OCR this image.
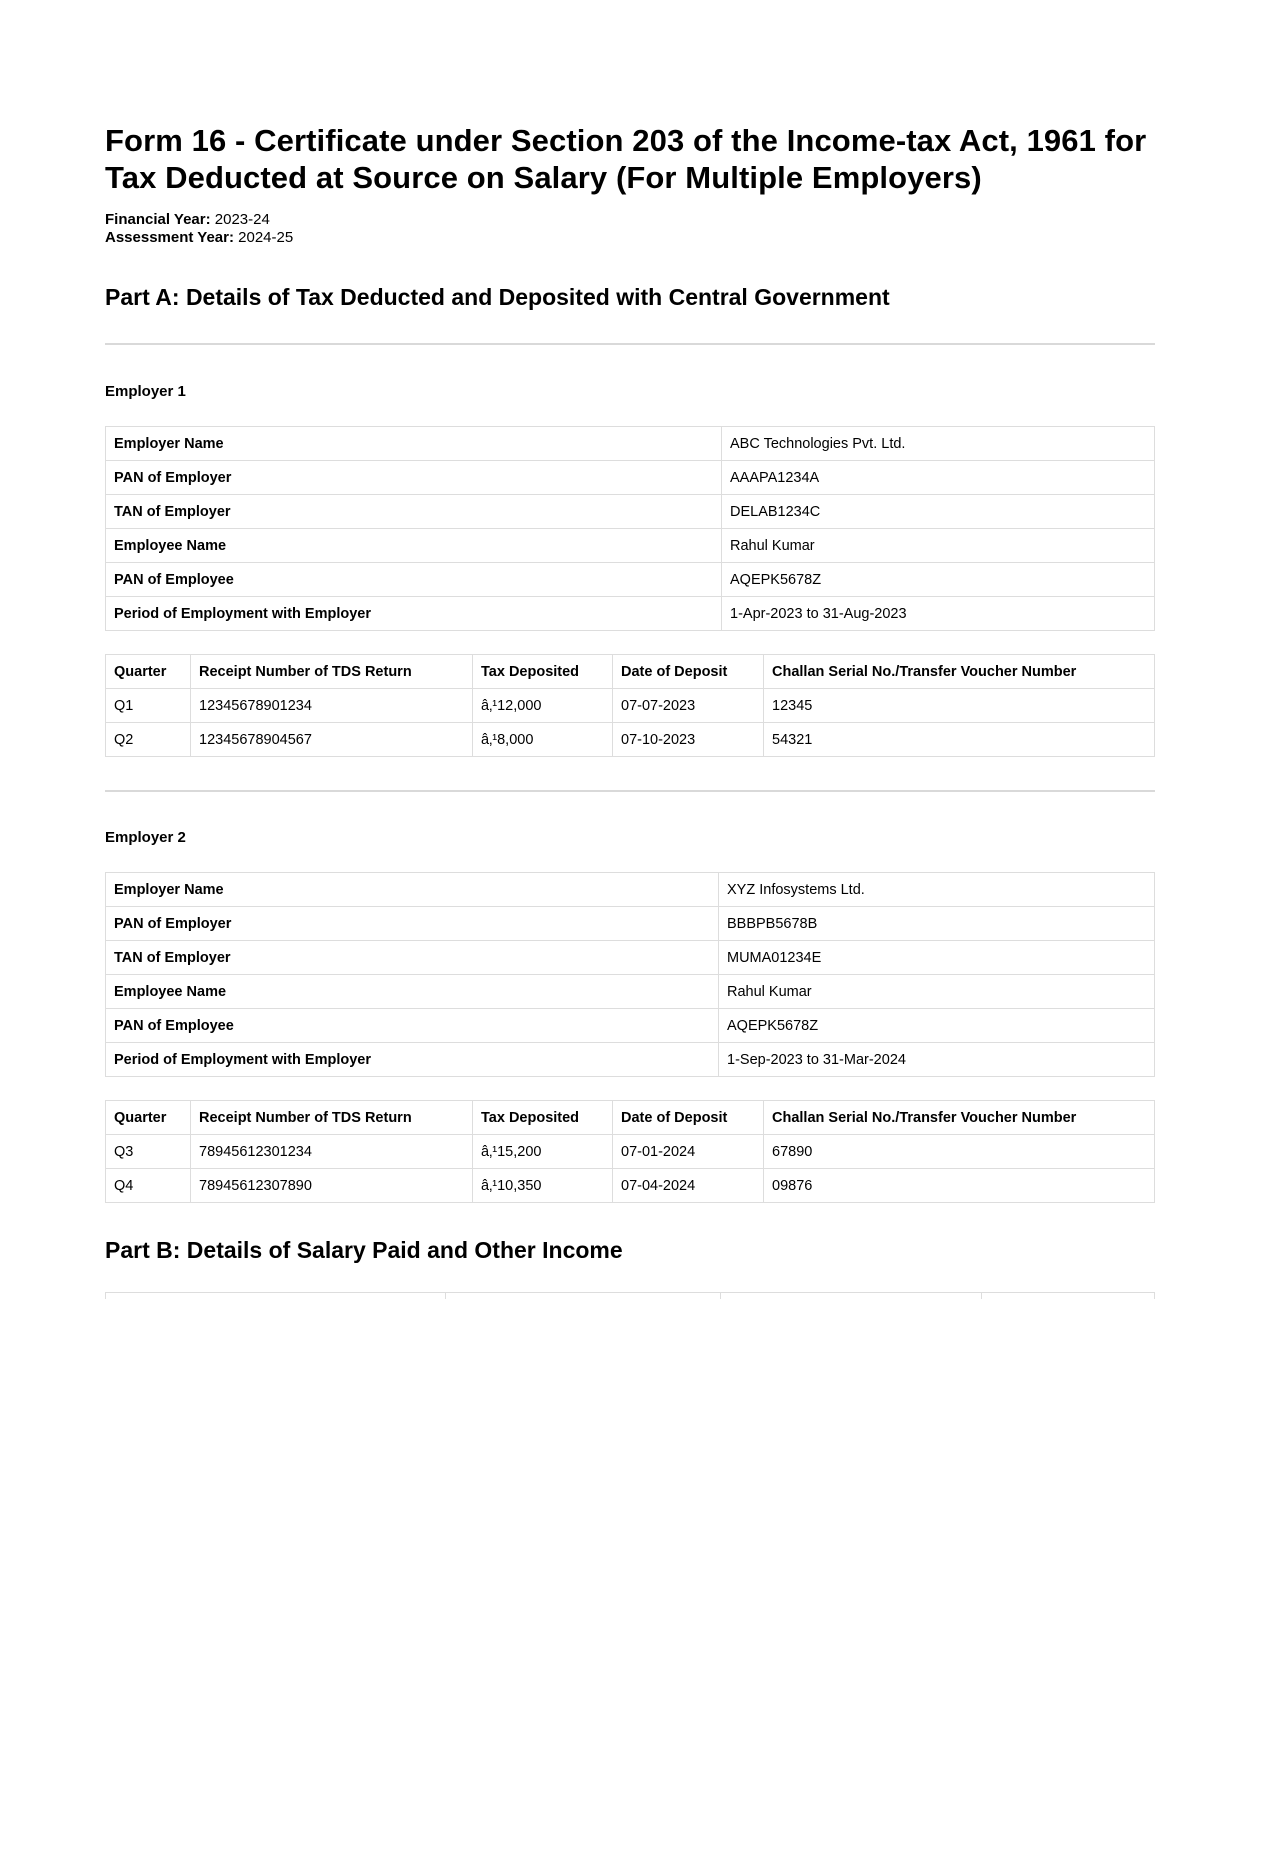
Form 16 - Certificate under Section 203 of the Income-tax Act, 1961 for Tax Deducted at Source on Salary (For Multiple Employers)
Financial Year: 2023-24
Assessment Year: 2024-25
Part A: Details of Tax Deducted and Deposited with Central Government
Employer 1
Employer Name	ABC Technologies Pvt. Ltd.
PAN of Employer	AAAPA1234A
TAN of Employer	DELAB1234C
Employee Name	Rahul Kumar
PAN of Employee	AQEPK5678Z
Period of Employment with Employer	1-Apr-2023 to 31-Aug-2023
Quarter	Receipt Number of TDS Return	Tax Deposited	Date of Deposit	Challan Serial No./Transfer Voucher Number
Q1	12345678901234	â‚¹12,000	07-07-2023	12345
Q2	12345678904567	â‚¹8,000	07-10-2023	54321
Employer 2
Employer Name	XYZ Infosystems Ltd.
PAN of Employer	BBBPB5678B
TAN of Employer	MUMA01234E
Employee Name	Rahul Kumar
PAN of Employee	AQEPK5678Z
Period of Employment with Employer	1-Sep-2023 to 31-Mar-2024
Quarter	Receipt Number of TDS Return	Tax Deposited	Date of Deposit	Challan Serial No./Transfer Voucher Number
Q3	78945612301234	â‚¹15,200	07-01-2024	67890
Q4	78945612307890	â‚¹10,350	07-04-2024	09876
Part B: Details of Salary Paid and Other Income
